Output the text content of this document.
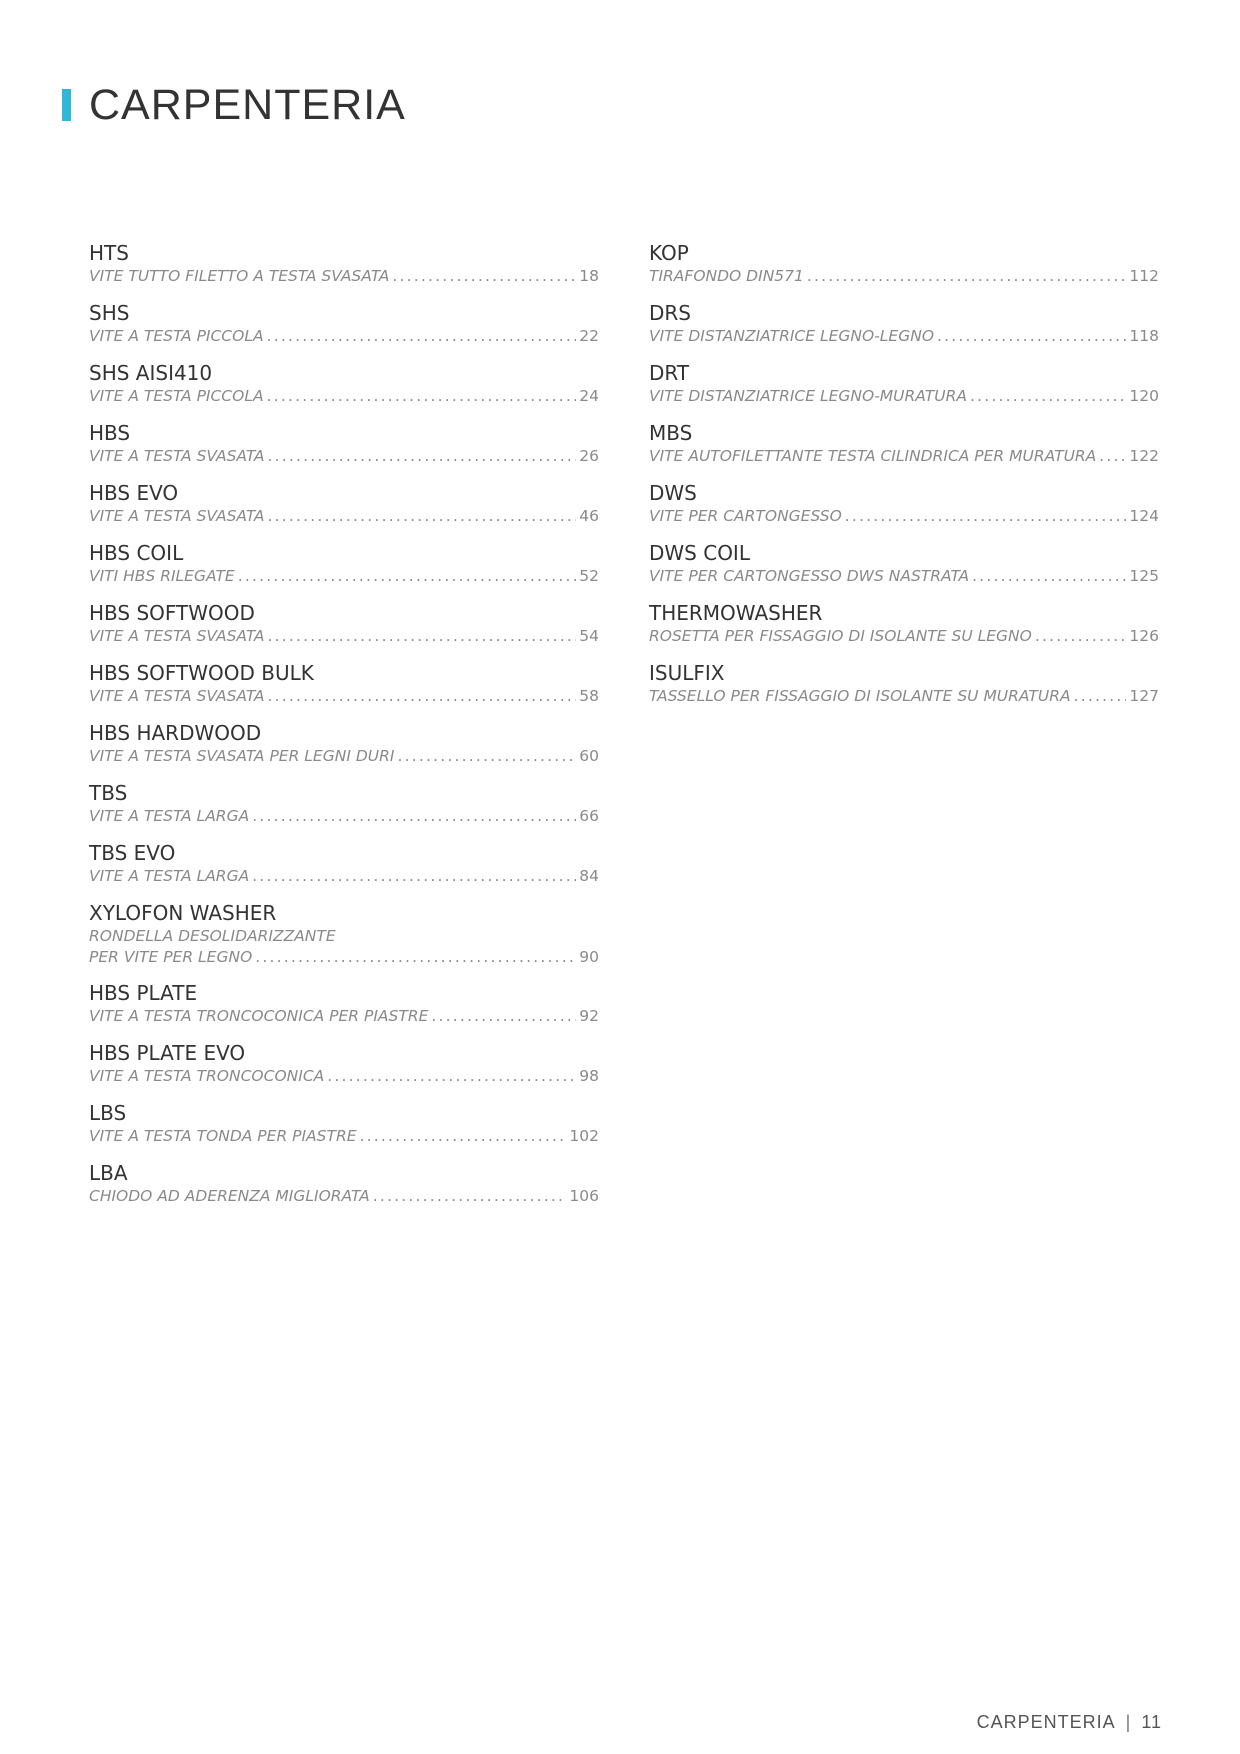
CARPENTERIA
HTS
VITE TUTTO FILETTO A TESTA SVASATA .....	18
SHS
VITE A TESTA PICCOLA .....	22
SHS AISI410
VITE A TESTA PICCOLA .....	24
HBS
VITE A TESTA SVASATA .....	26
HBS EVO
VITE A TESTA SVASATA .....	46
HBS COIL
VITI HBS RILEGATE .....	52
HBS SOFTWOOD
VITE A TESTA SVASATA .....	54
HBS SOFTWOOD BULK
VITE A TESTA SVASATA .....	58
HBS HARDWOOD
VITE A TESTA SVASATA PER LEGNI DURI .....	60
TBS
VITE A TESTA LARGA .....	66
TBS EVO
VITE A TESTA LARGA .....	84
XYLOFON WASHER
RONDELLA DESOLIDARIZZANTE
PER VITE PER LEGNO .....	90
HBS PLATE
VITE A TESTA TRONCOCONICA PER PIASTRE .....	92
HBS PLATE EVO
VITE A TESTA TRONCOCONICA .....	98
LBS
VITE A TESTA TONDA PER PIASTRE .....	102
LBA
CHIODO AD ADERENZA MIGLIORATA .....	106
KOP
TIRAFONDO DIN571 .....	112
DRS
VITE DISTANZIATRICE LEGNO-LEGNO .....	118
DRT
VITE DISTANZIATRICE LEGNO-MURATURA .....	120
MBS
VITE AUTOFILETTANTE TESTA CILINDRICA PER MURATURA ..... 122
DWS
VITE PER CARTONGESSO .....	124
DWS COIL
VITE PER CARTONGESSO DWS NASTRATA .....	125
THERMOWASHER
ROSETTA PER FISSAGGIO DI ISOLANTE SU LEGNO .....	126
ISULFIX
TASSELLO PER FISSAGGIO DI ISOLANTE SU MURATURA .....	127
CARPENTERIA | 11
